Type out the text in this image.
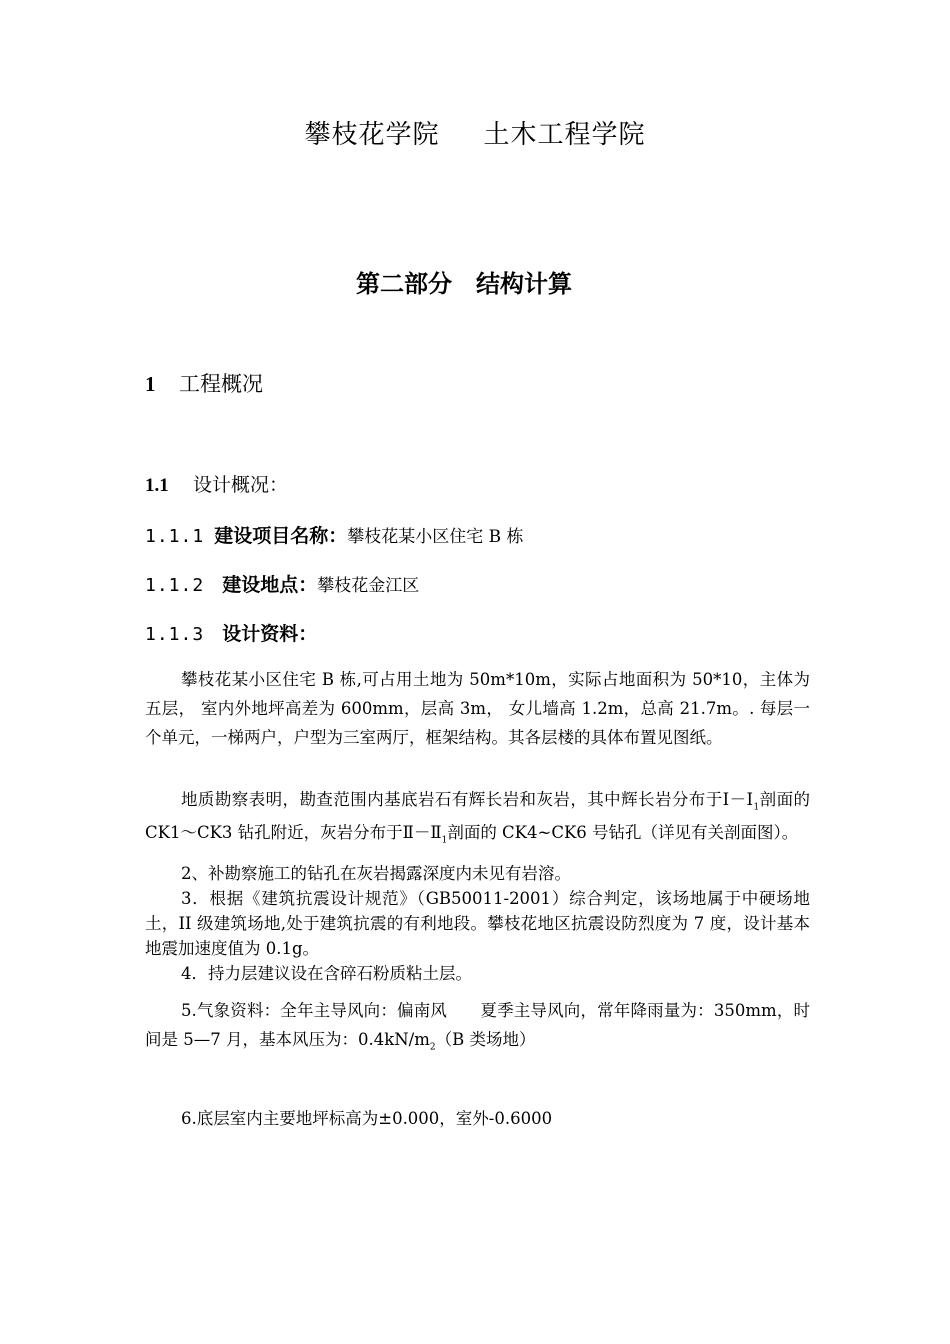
攀枝花学院 土木工程学院
第二部分 结构计算
1 工程概况
1.1 设计概况：
1.1.1 建设项目名称：攀枝花某小区住宅 B 栋
1.1.2 建设地点：攀枝花金江区
1.1.3 设计资料：
攀枝花某小区住宅 B 栋,可占用土地为 50m*10m，实际占地面积为 50*10，主体为五层， 室内外地坪高差为 600mm，层高 3m， 女儿墙高 1.2m，总高 21.7m。. 每层一个单元，一梯两户，户型为三室两厅，框架结构。其各层楼的具体布置见图纸。
地质勘察表明，勘查范围内基底岩石有辉长岩和灰岩，其中辉长岩分布于$Ⅰ-Ⅰ_1$剖面的CK1～CK3 钻孔附近，灰岩分布于$Ⅱ-Ⅱ_1$剖面的 CK4~CK6 号钻孔（详见有关剖面图）。
2、补勘察施工的钻孔在灰岩揭露深度内未见有岩溶。
3．根据《建筑抗震设计规范》（GB50011-2001）综合判定，该场地属于中硬场地土，II 级建筑场地,处于建筑抗震的有利地段。攀枝花地区抗震设防烈度为 7 度，设计基本地震加速度值为 0.1g。
4．持力层建议设在含碎石粉质粘土层。
5.气象资料：全年主导风向：偏南风　　夏季主导风向，常年降雨量为：350mm，时间是 5—7 月，基本风压为：$0.4kN/m_2(B$ 类场地）
6.底层室内主要地坪标高为±0.000，室外-0.6000
